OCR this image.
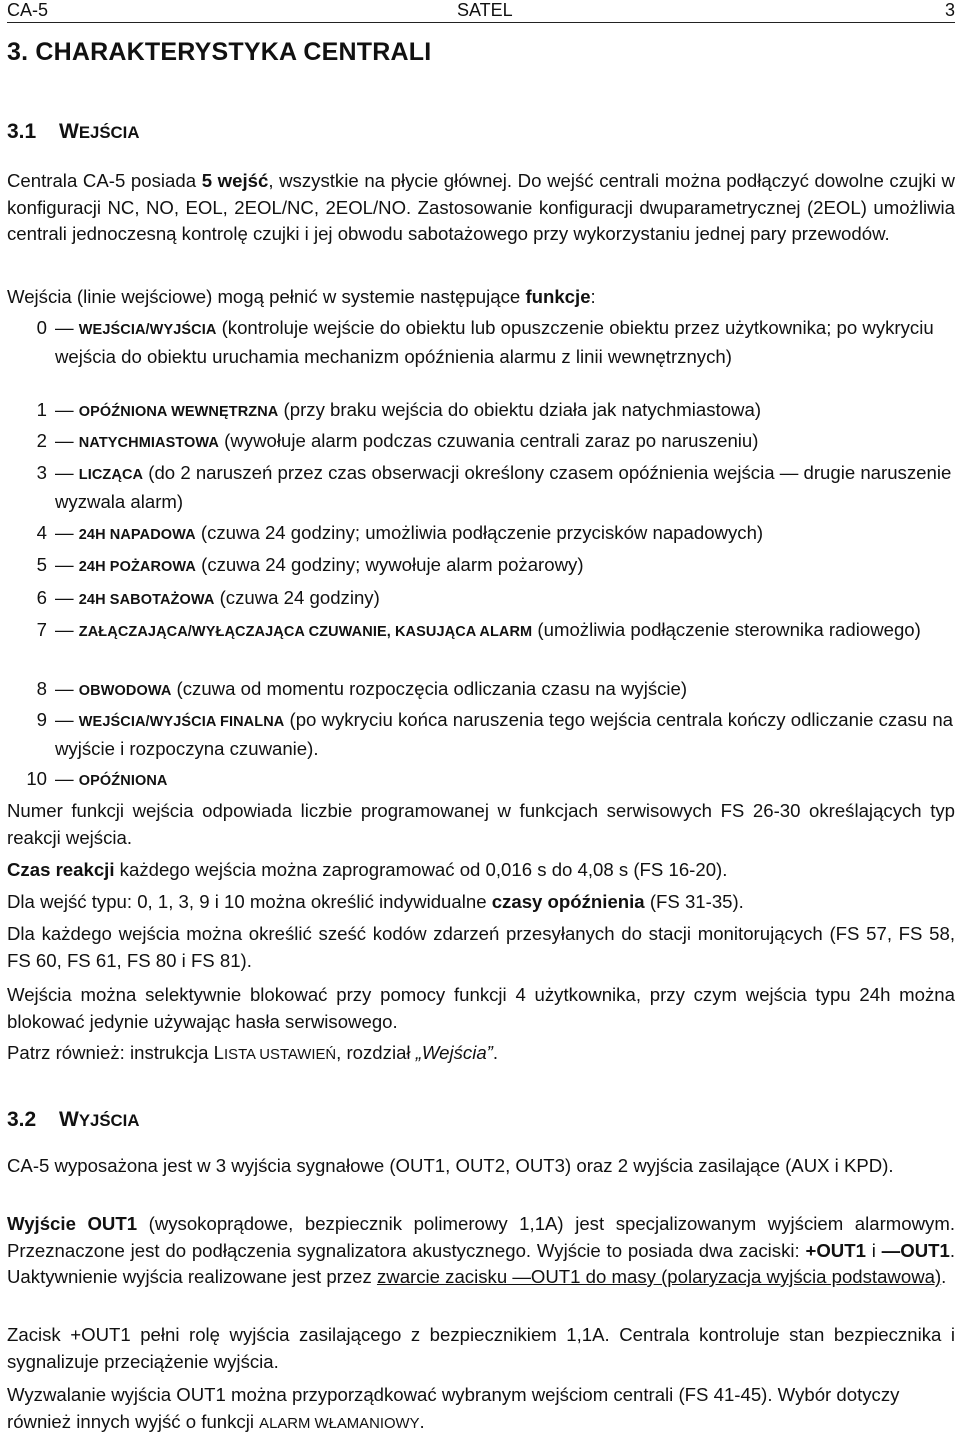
CA-5	SATEL	3
3. CHARAKTERYSTYKA CENTRALI
3.1 WEJŚCIA
Centrala CA-5 posiada 5 wejść, wszystkie na płycie głównej. Do wejść centrali można podłączyć dowolne czujki w konfiguracji NC, NO, EOL, 2EOL/NC, 2EOL/NO. Zastosowanie konfiguracji dwuparametrycznej (2EOL) umożliwia centrali jednoczesną kontrolę czujki i jej obwodu sabotażowego przy wykorzystaniu jednej pary przewodów.
Wejścia (linie wejściowe) mogą pełnić w systemie następujące funkcje:
0 — WEJŚCIA/WYJŚCIA (kontroluje wejście do obiektu lub opuszczenie obiektu przez użytkownika; po wykryciu wejścia do obiektu uruchamia mechanizm opóźnienia alarmu z linii wewnętrznych)
1 — OPÓŹNIONA WEWNĘTRZNA (przy braku wejścia do obiektu działa jak natychmiastowa)
2 — NATYCHMIASTOWA (wywołuje alarm podczas czuwania centrali zaraz po naruszeniu)
3 — LICZĄCA (do 2 naruszeń przez czas obserwacji określony czasem opóźnienia wejścia — drugie naruszenie wyzwala alarm)
4 — 24H NAPADOWA (czuwa 24 godziny; umożliwia podłączenie przycisków napadowych)
5 — 24H POŻAROWA (czuwa 24 godziny; wywołuje alarm pożarowy)
6 — 24H SABOTAŻOWA (czuwa 24 godziny)
7 — ZAŁĄCZAJĄCA/WYŁĄCZAJĄCA CZUWANIE, KASUJĄCA ALARM (umożliwia podłączenie sterownika radiowego)
8 — OBWODOWA (czuwa od momentu rozpoczęcia odliczania czasu na wyjście)
9 — WEJŚCIA/WYJŚCIA FINALNA (po wykryciu końca naruszenia tego wejścia centrala kończy odliczanie czasu na wyjście i rozpoczyna czuwanie).
10 — OPÓŹNIONA
Numer funkcji wejścia odpowiada liczbie programowanej w funkcjach serwisowych FS 26-30 określających typ reakcji wejścia.
Czas reakcji każdego wejścia można zaprogramować od 0,016 s do 4,08 s (FS 16-20).
Dla wejść typu: 0, 1, 3, 9 i 10 można określić indywidualne czasy opóźnienia (FS 31-35).
Dla każdego wejścia można określić sześć kodów zdarzeń przesyłanych do stacji monitorujących (FS 57, FS 58, FS 60, FS 61, FS 80 i FS 81).
Wejścia można selektywnie blokować przy pomocy funkcji 4 użytkownika, przy czym wejścia typu 24h można blokować jedynie używając hasła serwisowego.
Patrz również: instrukcja LISTA USTAWIEŃ, rozdział „Wejścia”.
3.2 WYJŚCIA
CA-5 wyposażona jest w 3 wyjścia sygnałowe (OUT1, OUT2, OUT3) oraz 2 wyjścia zasilające (AUX i KPD).
Wyjście OUT1 (wysokoprądowe, bezpiecznik polimerowy 1,1A) jest specjalizowanym wyjściem alarmowym. Przeznaczone jest do podłączenia sygnalizatora akustycznego. Wyjście to posiada dwa zaciski: +OUT1 i —OUT1. Uaktywnienie wyjścia realizowane jest przez zwarcie zacisku —OUT1 do masy (polaryzacja wyjścia podstawowa).
Zacisk +OUT1 pełni rolę wyjścia zasilającego z bezpiecznikiem 1,1A. Centrala kontroluje stan bezpiecznika i sygnalizuje przeciążenie wyjścia.
Wyzwalanie wyjścia OUT1 można przyporządkować wybranym wejściom centrali (FS 41-45). Wybór dotyczy również innych wyjść o funkcji ALARM WŁAMANIOWY.
